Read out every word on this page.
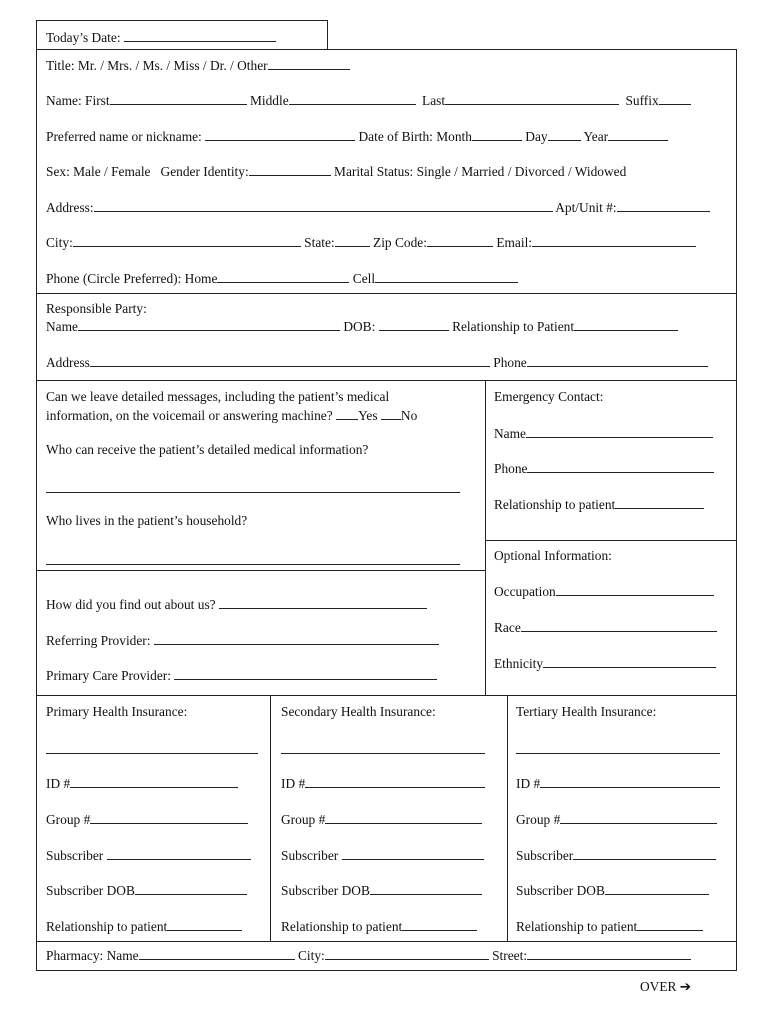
Today’s Date:
Title: Mr. / Mrs. / Ms. / Miss / Dr. / Other
Name: First	Middle	Last	Suffix
Preferred name or nickname:	Date of Birth: Month	Day	Year
Sex: Male / Female Gender Identity:	Marital Status: Single / Married / Divorced / Widowed
Address:	Apt/Unit #:
City:	State:	Zip Code:	Email:
Phone (Circle Preferred): Home	Cell
Responsible Party:
Name	DOB:	Relationship to Patient
Address	Phone
Can we leave detailed messages, including the patient’s medical
information, on the voicemail or answering machine? Yes No
Who can receive the patient’s detailed medical information?
Who lives in the patient’s household?
Emergency Contact:
Name
Phone
Relationship to patient
Optional Information:
Occupation
Race
Ethnicity
How did you find out about us?
Referring Provider:
Primary Care Provider:
Primary Health Insurance:
ID #
Group #
Subscriber
Subscriber DOB
Relationship to patient
Secondary Health Insurance:
ID #
Group #
Subscriber
Subscriber DOB
Relationship to patient
Tertiary Health Insurance:
ID #
Group #
Subscriber
Subscriber DOB
Relationship to patient
Pharmacy: Name	City:	Street:
OVER ➔
